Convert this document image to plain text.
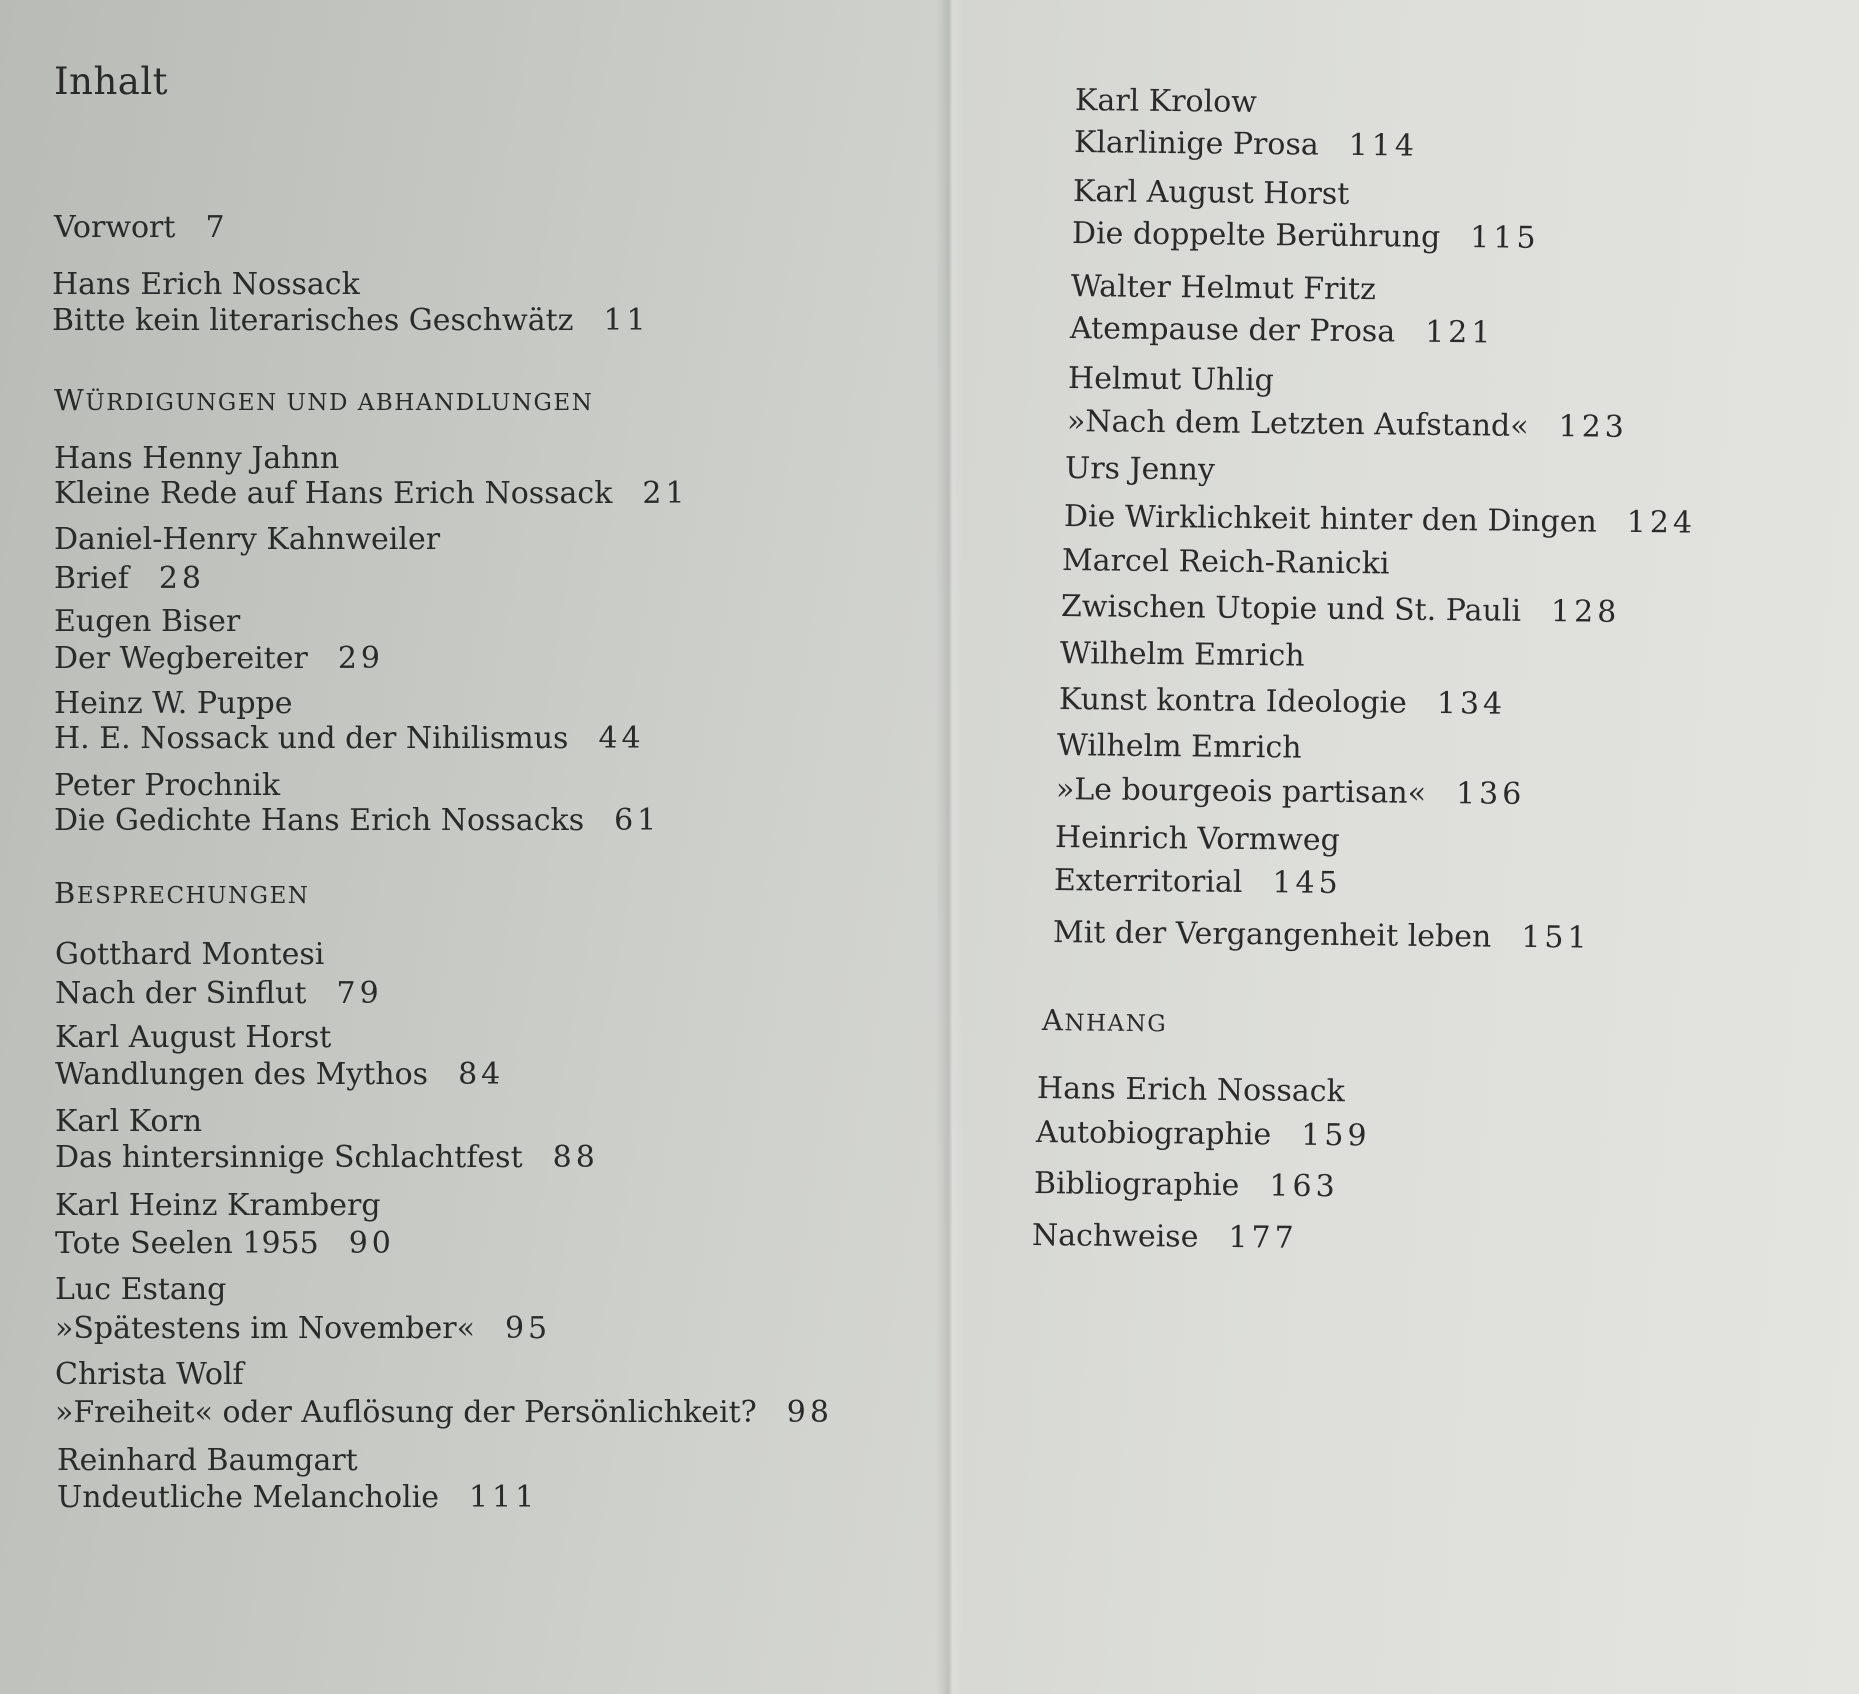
Inhalt
Vorwort 7
Hans Erich Nossack
Bitte kein literarisches Geschwätz 11
WÜRDIGUNGEN UND ABHANDLUNGEN
Hans Henny Jahnn
Kleine Rede auf Hans Erich Nossack 21
Daniel-Henry Kahnweiler
Brief 28
Eugen Biser
Der Wegbereiter 29
Heinz W. Puppe
H. E. Nossack und der Nihilismus 44
Peter Prochnik
Die Gedichte Hans Erich Nossacks 61
BESPRECHUNGEN
Gotthard Montesi
Nach der Sinflut 79
Karl August Horst
Wandlungen des Mythos 84
Karl Korn
Das hintersinnige Schlachtfest 88
Karl Heinz Kramberg
Tote Seelen 1955 90
Luc Estang
»Spätestens im November« 95
Christa Wolf
»Freiheit« oder Auflösung der Persönlichkeit? 98
Reinhard Baumgart
Undeutliche Melancholie 111
Karl Krolow
Klarlinige Prosa 114
Karl August Horst
Die doppelte Berührung 115
Walter Helmut Fritz
Atempause der Prosa 121
Helmut Uhlig
»Nach dem Letzten Aufstand« 123
Urs Jenny
Die Wirklichkeit hinter den Dingen 124
Marcel Reich-Ranicki
Zwischen Utopie und St. Pauli 128
Wilhelm Emrich
Kunst kontra Ideologie 134
Wilhelm Emrich
»Le bourgeois partisan« 136
Heinrich Vormweg
Exterritorial 145
Mit der Vergangenheit leben 151
ANHANG
Hans Erich Nossack
Autobiographie 159
Bibliographie 163
Nachweise 177
